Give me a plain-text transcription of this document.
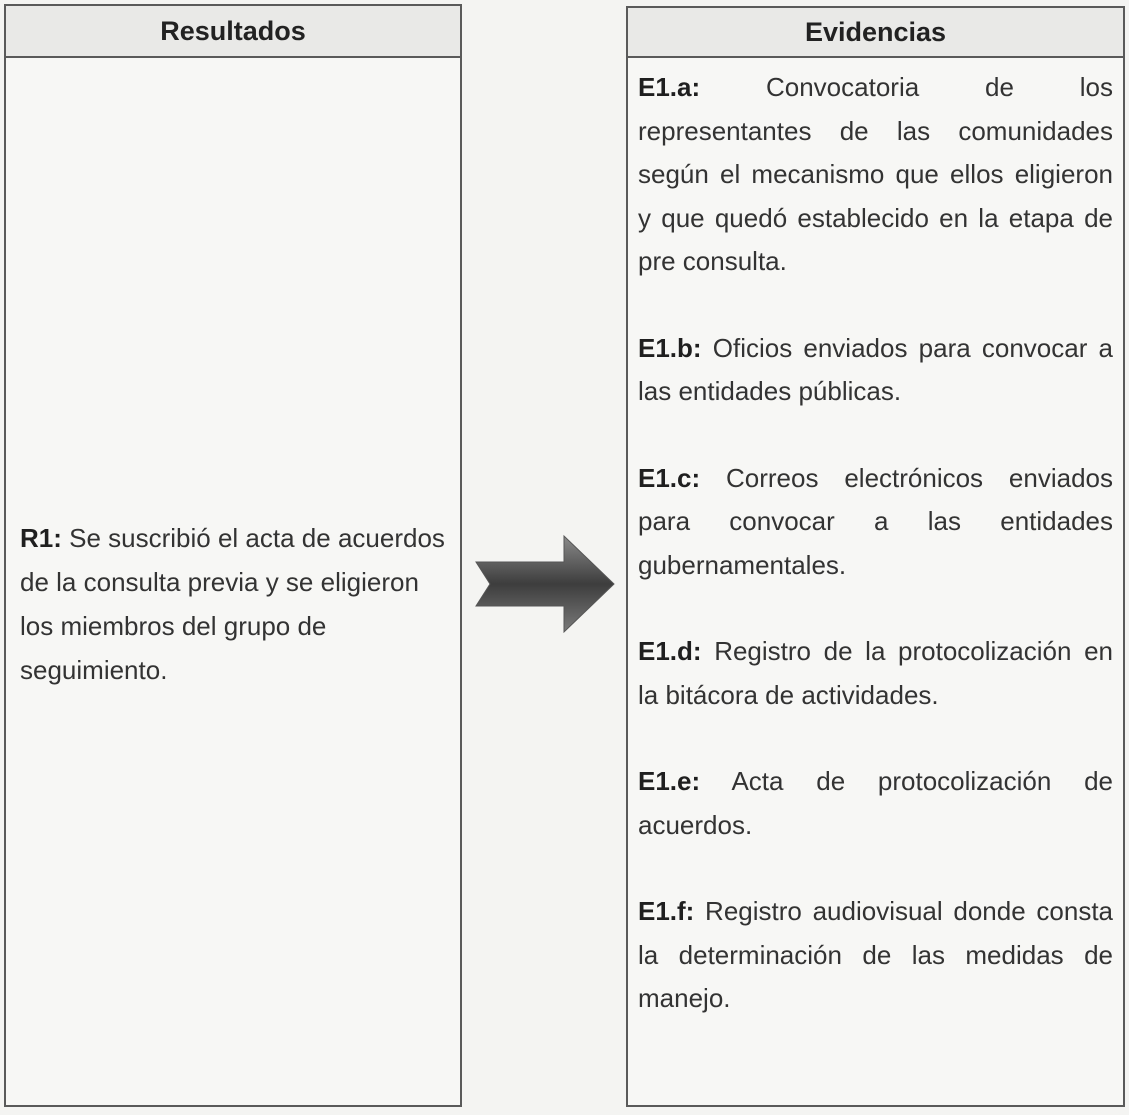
Resultados
R1: Se suscribió el acta de acuerdos de la consulta previa y se eligieron los miembros del grupo de seguimiento.
Evidencias

E1.a: Convocatoria de los representantes de las comunidades según el mecanismo que ellos eligieron y que quedó establecido en la etapa de pre consulta.

E1.b: Oficios enviados para convocar a las entidades públicas.

E1.c: Correos electrónicos enviados para convocar a las entidades gubernamentales.

E1.d: Registro de la protocolización en la bitácora de actividades.

E1.e: Acta de protocolización de acuerdos.

E1.f: Registro audiovisual donde consta la determinación de las medidas de manejo.
